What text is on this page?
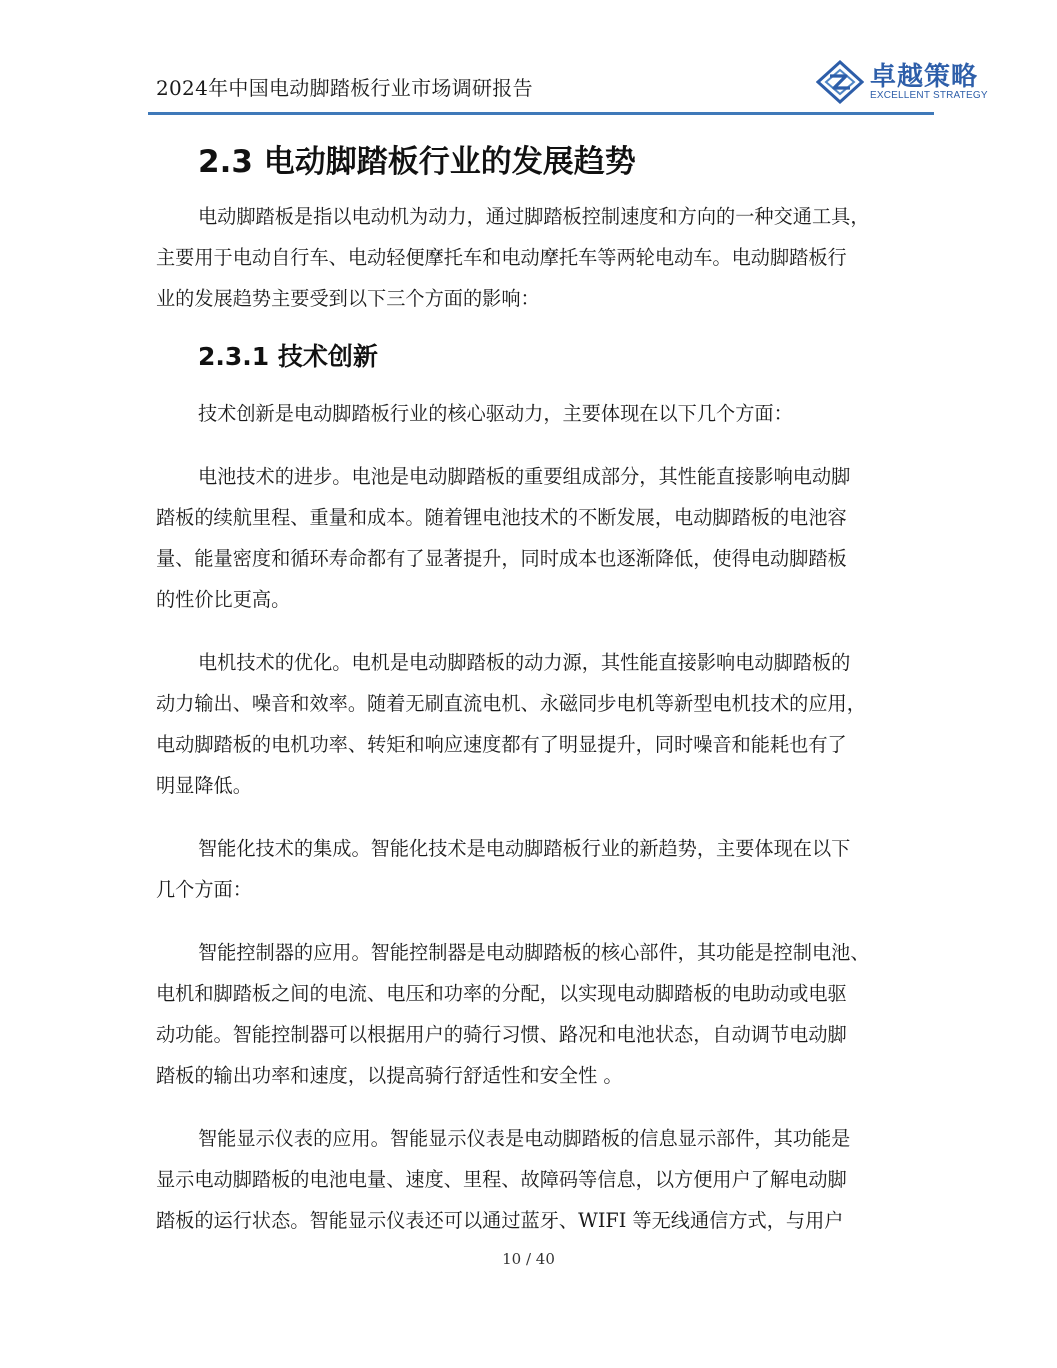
2024年中国电动脚踏板行业市场调研报告	卓越策略
EXCELLENT STRATEGY
2.3 电动脚踏板行业的发展趋势

电动脚踏板是指以电动机为动力，通过脚踏板控制速度和方向的一种交通工具，
主要用于电动自行车、电动轻便摩托车和电动摩托车等两轮电动车。电动脚踏板行
业的发展趋势主要受到以下三个方面的影响：

2.3.1 技术创新

技术创新是电动脚踏板行业的核心驱动力，主要体现在以下几个方面：

电池技术的进步。电池是电动脚踏板的重要组成部分，其性能直接影响电动脚
踏板的续航里程、重量和成本。随着锂电池技术的不断发展，电动脚踏板的电池容
量、能量密度和循环寿命都有了显著提升，同时成本也逐渐降低，使得电动脚踏板
的性价比更高。

电机技术的优化。电机是电动脚踏板的动力源，其性能直接影响电动脚踏板的
动力输出、噪音和效率。随着无刷直流电机、永磁同步电机等新型电机技术的应用，
电动脚踏板的电机功率、转矩和响应速度都有了明显提升，同时噪音和能耗也有了
明显降低。

智能化技术的集成。智能化技术是电动脚踏板行业的新趋势，主要体现在以下
几个方面：

智能控制器的应用。智能控制器是电动脚踏板的核心部件，其功能是控制电池、
电机和脚踏板之间的电流、电压和功率的分配，以实现电动脚踏板的电助动或电驱
动功能。智能控制器可以根据用户的骑行习惯、路况和电池状态，自动调节电动脚
踏板的输出功率和速度，以提高骑行舒适性和安全性 。

智能显示仪表的应用。智能显示仪表是电动脚踏板的信息显示部件，其功能是
显示电动脚踏板的电池电量、速度、里程、故障码等信息，以方便用户了解电动脚
踏板的运行状态。智能显示仪表还可以通过蓝牙、WIFI 等无线通信方式，与用户

10 / 40
